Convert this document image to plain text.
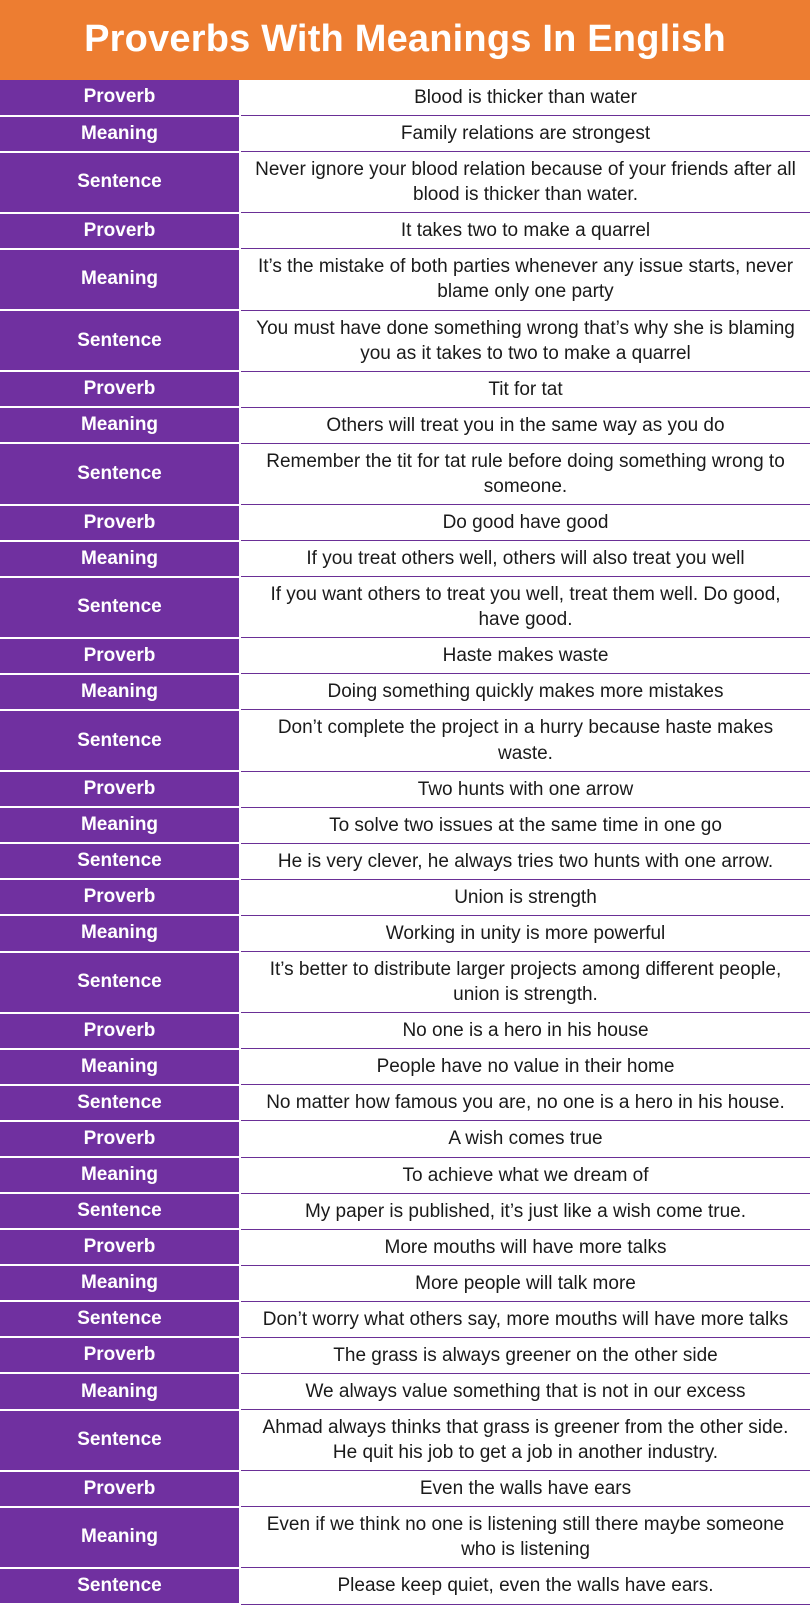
Proverbs With Meanings In English
Proverb	Blood is thicker than water
Meaning	Family relations are strongest
Sentence	Never ignore your blood relation because of your friends after all blood is thicker than water.
Proverb	It takes two to make a quarrel
Meaning	It’s the mistake of both parties whenever any issue starts, never blame only one party
Sentence	You must have done something wrong that’s why she is blaming you as it takes to two to make a quarrel
Proverb	Tit for tat
Meaning	Others will treat you in the same way as you do
Sentence	Remember the tit for tat rule before doing something wrong to someone.
Proverb	Do good have good
Meaning	If you treat others well, others will also treat you well
Sentence	If you want others to treat you well, treat them well. Do good, have good.
Proverb	Haste makes waste
Meaning	Doing something quickly makes more mistakes
Sentence	Don’t complete the project in a hurry because haste makes waste.
Proverb	Two hunts with one arrow
Meaning	To solve two issues at the same time in one go
Sentence	He is very clever, he always tries two hunts with one arrow.
Proverb	Union is strength
Meaning	Working in unity is more powerful
Sentence	It’s better to distribute larger projects among different people, union is strength.
Proverb	No one is a hero in his house
Meaning	People have no value in their home
Sentence	No matter how famous you are, no one is a hero in his house.
Proverb	A wish comes true
Meaning	To achieve what we dream of
Sentence	My paper is published, it’s just like a wish come true.
Proverb	More mouths will have more talks
Meaning	More people will talk more
Sentence	Don’t worry what others say, more mouths will have more talks
Proverb	The grass is always greener on the other side
Meaning	We always value something that is not in our excess
Sentence	Ahmad always thinks that grass is greener from the other side. He quit his job to get a job in another industry.
Proverb	Even the walls have ears
Meaning	Even if we think no one is listening still there maybe someone who is listening
Sentence	Please keep quiet, even the walls have ears.
